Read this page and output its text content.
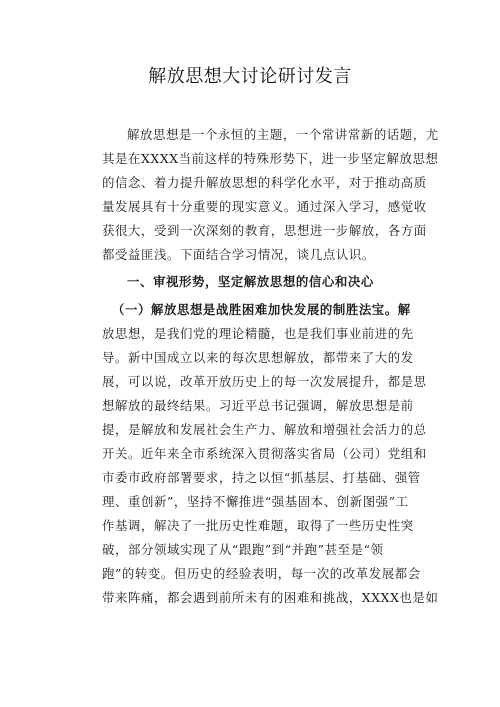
解放思想大讨论研讨发言
解放思想是一个永恒的主题，一个常讲常新的话题，尤
其是在XXXX当前这样的特殊形势下，进一步坚定解放思想
的信念、着力提升解放思想的科学化水平，对于推动高质
量发展具有十分重要的现实意义。通过深入学习，感觉收
获很大，受到一次深刻的教育，思想进一步解放，各方面
都受益匪浅。下面结合学习情况，谈几点认识。
一、审视形势，坚定解放思想的信心和决心
（一）解放思想是战胜困难加快发展的制胜法宝。解
放思想，是我们党的理论精髓，也是我们事业前进的先
导。新中国成立以来的每次思想解放，都带来了大的发
展，可以说，改革开放历史上的每一次发展提升，都是思
想解放的最终结果。习近平总书记强调，解放思想是前
提，是解放和发展社会生产力、解放和增强社会活力的总
开关。近年来全市系统深入贯彻落实省局（公司）党组和
市委市政府部署要求，持之以恒“抓基层、打基础、强管
理、重创新”，坚持不懈推进“强基固本、创新图强”工
作基调，解决了一批历史性难题，取得了一些历史性突
破，部分领域实现了从“跟跑”到“并跑”甚至是“领
跑”的转变。但历史的经验表明，每一次的改革发展都会
带来阵痛，都会遇到前所未有的困难和挑战，XXXX也是如
